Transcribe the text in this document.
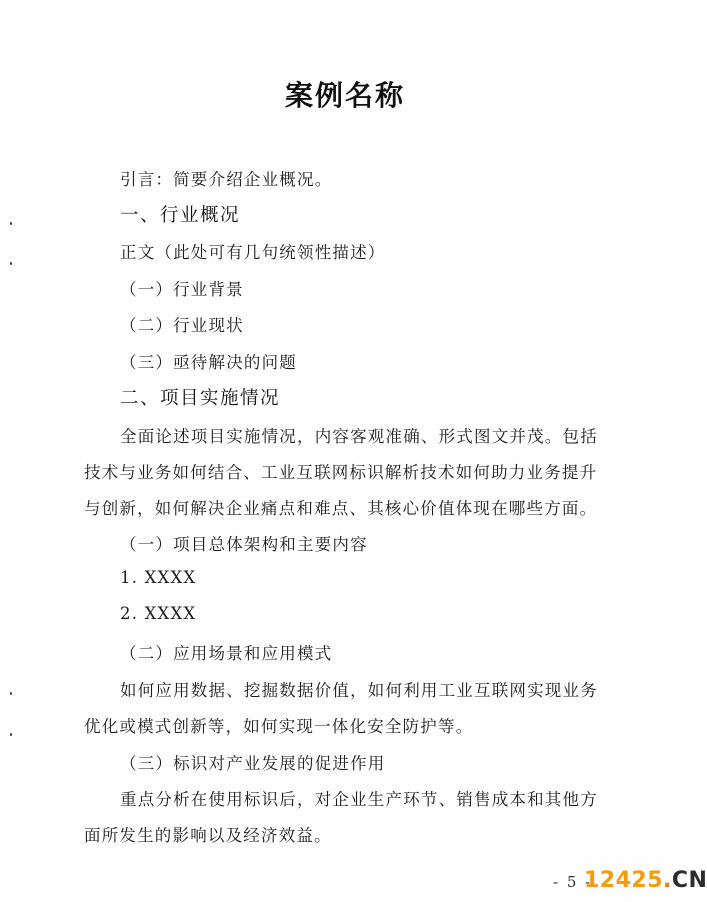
案例名称
引言：简要介绍企业概况。
一、行业概况
正文（此处可有几句统领性描述）
（一）行业背景
（二）行业现状
（三）亟待解决的问题
二、项目实施情况
全面论述项目实施情况，内容客观准确、形式图文并茂。包括
技术与业务如何结合、工业互联网标识解析技术如何助力业务提升
与创新，如何解决企业痛点和难点、其核心价值体现在哪些方面。
（一）项目总体架构和主要内容
1. XXXX
2. XXXX
（二）应用场景和应用模式
如何应用数据、挖掘数据价值，如何利用工业互联网实现业务
优化或模式创新等，如何实现一体化安全防护等。
（三）标识对产业发展的促进作用
重点分析在使用标识后，对企业生产环节、销售成本和其他方
面所发生的影响以及经济效益。
- 5 -
12425.CN
